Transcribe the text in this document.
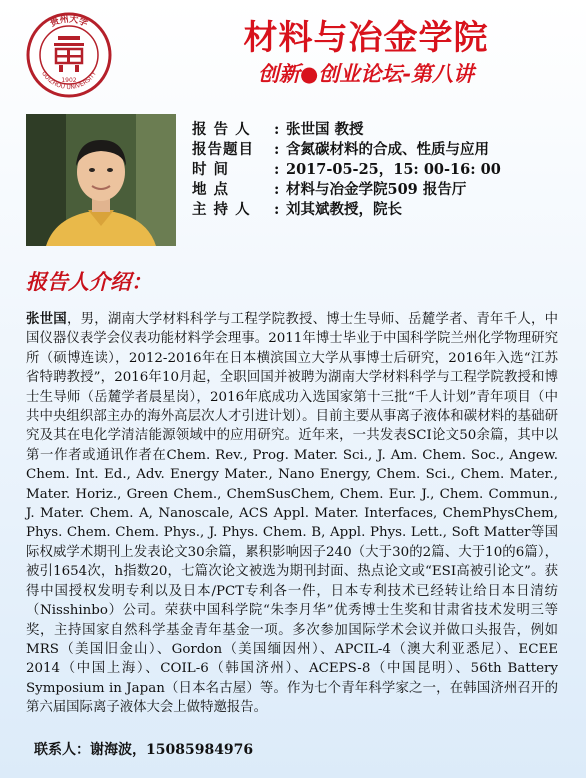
贵州大学
GUIZHOU UNIVERSITY
1902
材料与冶金学院
创新●创业论坛-第八讲
报 告 人	: 张世国 教授
报告题目	: 含氮碳材料的合成、性质与应用
时 间	: 2017-05-25，15: 00-16: 00
地 点	: 材料与冶金学院509 报告厅
主 持 人	: 刘其斌教授，院长
报告人介绍：
张世国，男，湖南大学材料科学与工程学院教授、博士生导师、岳麓学者、青年千人，中国仪器仪表学会仪表功能材料学会理事。2011年博士毕业于中国科学院兰州化学物理研究所（硕博连读），2012-2016年在日本横滨国立大学从事博士后研究，2016年入选“江苏省特聘教授”，2016年10月起，全职回国并被聘为湖南大学材料科学与工程学院教授和博士生导师（岳麓学者晨星岗），2016年底成功入选国家第十三批“千人计划”青年项目（中共中央组织部主办的海外高层次人才引进计划）。目前主要从事离子液体和碳材料的基础研究及其在电化学清洁能源领域中的应用研究。近年来，一共发表SCI论文50余篇，其中以第一作者或通讯作者在Chem. Rev., Prog. Mater. Sci., J. Am. Chem. Soc., Angew. Chem. Int. Ed., Adv. Energy Mater., Nano Energy, Chem. Sci., Chem. Mater., Mater. Horiz., Green Chem., ChemSusChem, Chem. Eur. J., Chem. Commun., J. Mater. Chem. A, Nanoscale, ACS Appl. Mater. Interfaces, ChemPhysChem, Phys. Chem. Chem. Phys., J. Phys. Chem. B, Appl. Phys. Lett., Soft Matter等国际权威学术期刊上发表论文30余篇，累积影响因子240（大于30的2篇、大于10的6篇），被引1654次，h指数20，七篇次论文被选为期刊封面、热点论文或“ESI高被引论文”。获得中国授权发明专利以及日本/PCT专利各一件，日本专利技术已经转让给日本日清纺（Nisshinbo）公司。荣获中国科学院“朱李月华”优秀博士生奖和甘肃省技术发明三等奖，主持国家自然科学基金青年基金一项。多次参加国际学术会议并做口头报告，例如MRS（美国旧金山）、Gordon（美国缅因州）、APCIL-4（澳大利亚悉尼）、ECEE 2014（中国上海）、COIL-6（韩国济州）、ACEPS-8（中国昆明）、56th Battery Symposium in Japan（日本名古屋）等。作为七个青年科学家之一，在韩国济州召开的第六届国际离子液体大会上做特邀报告。
联系人：谢海波，15085984976
